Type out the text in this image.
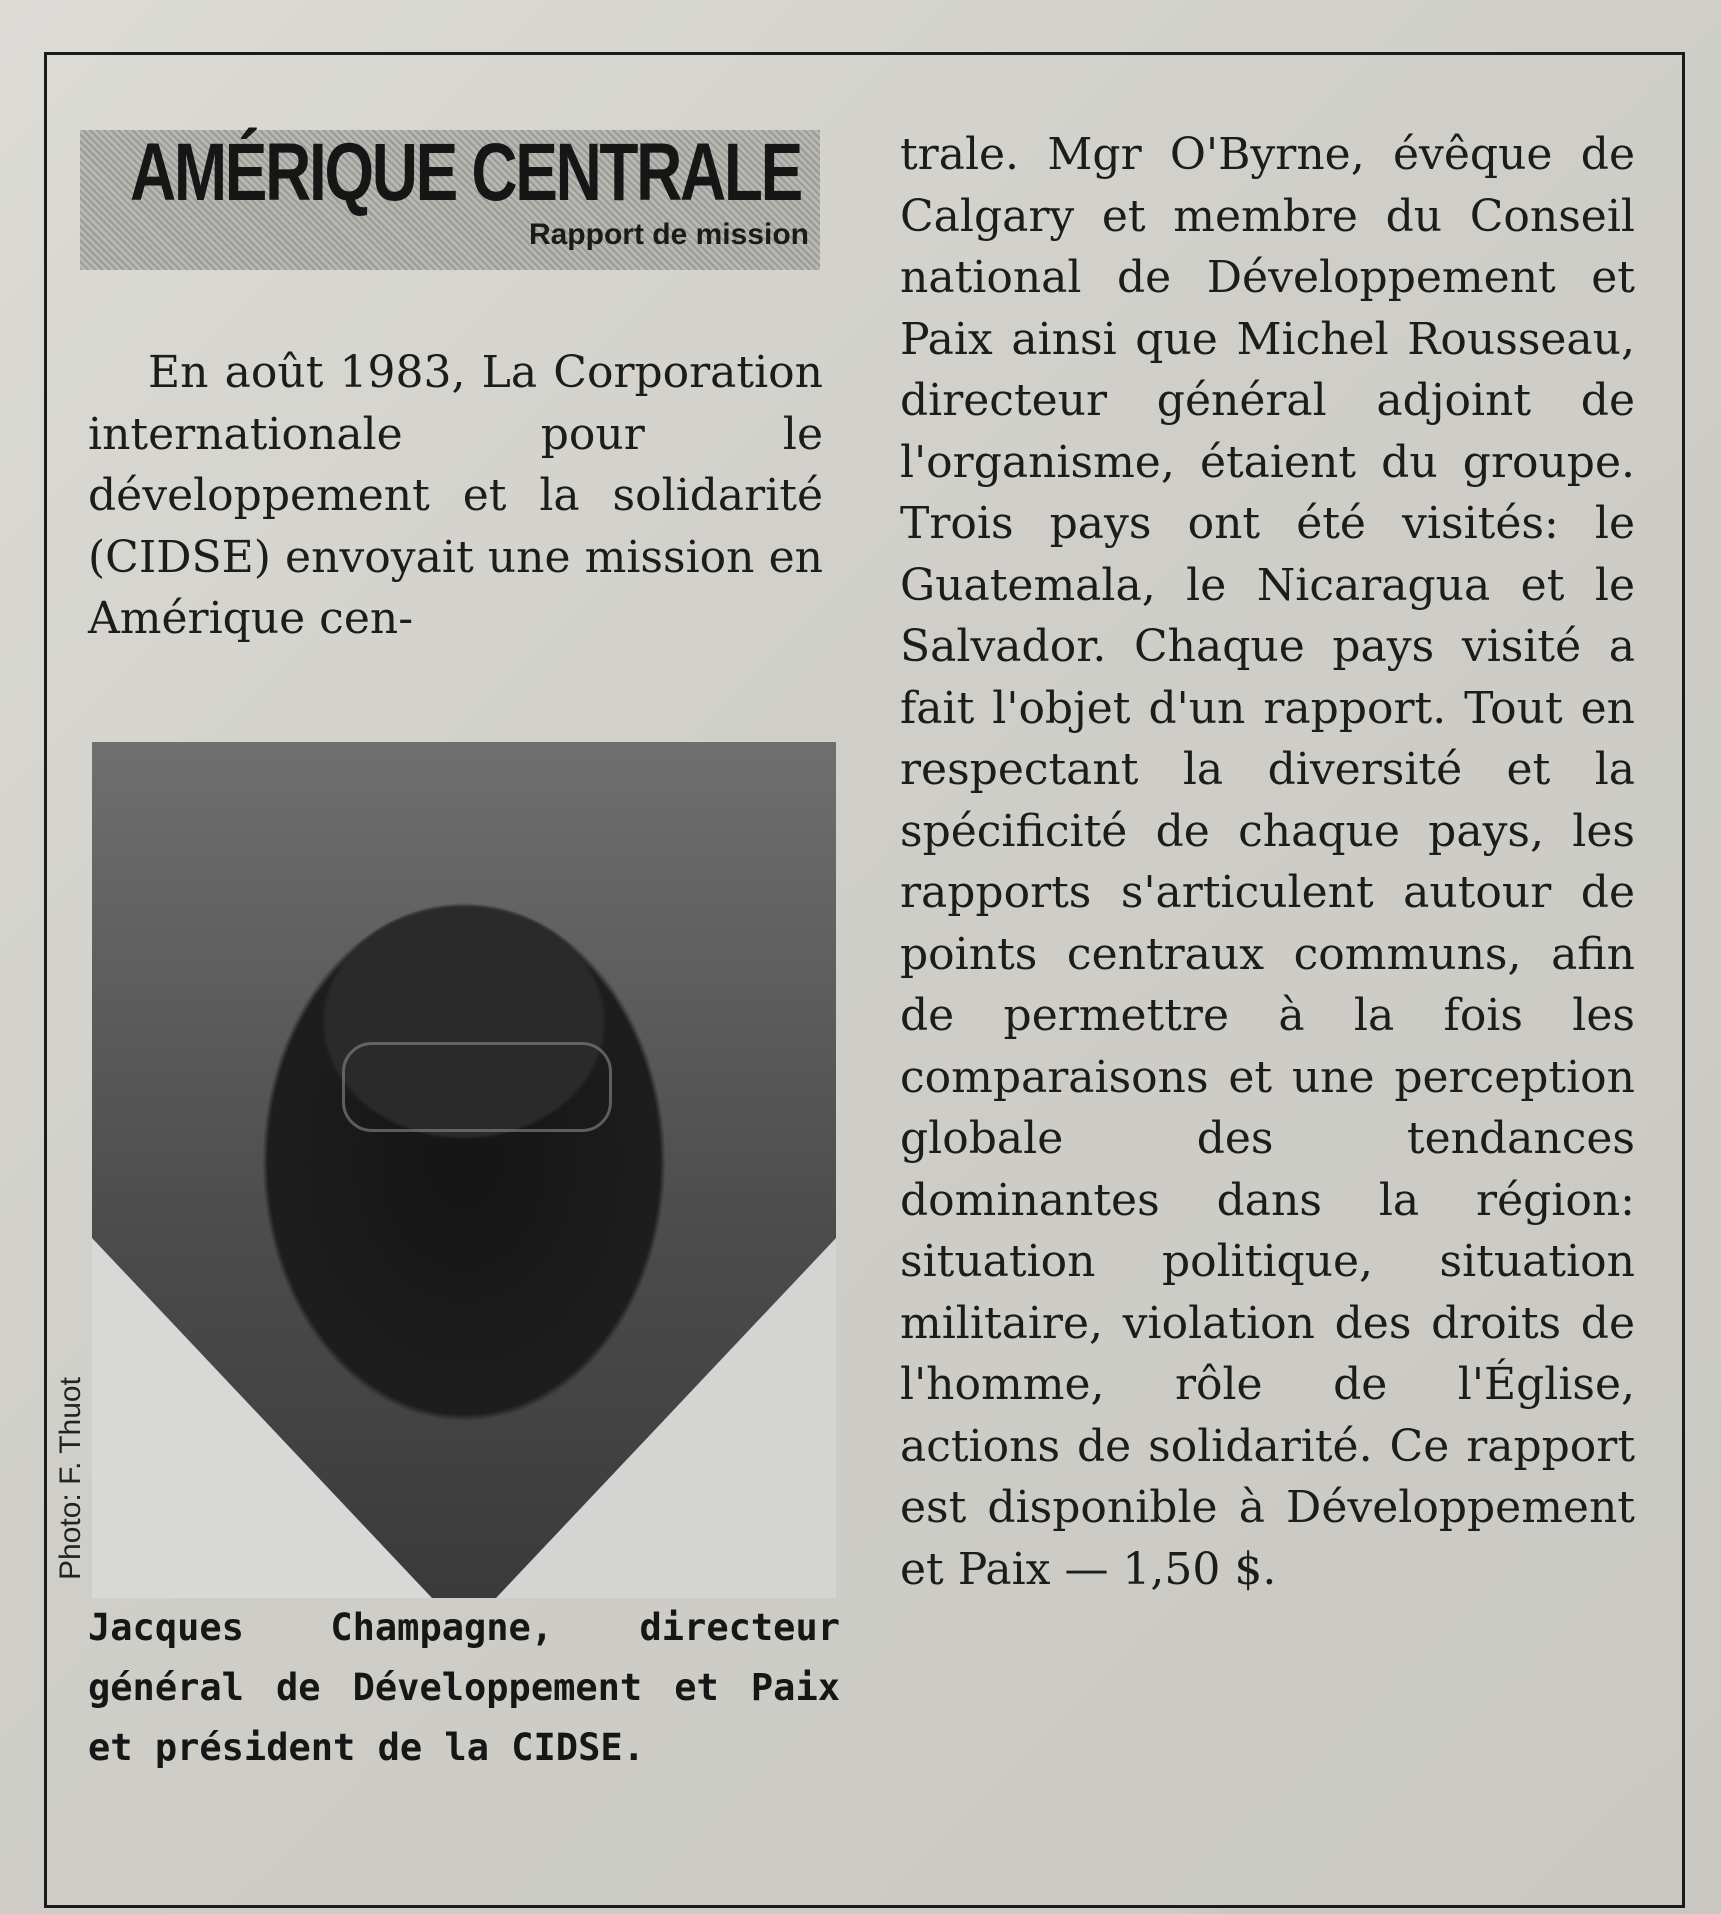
AMÉRIQUE CENTRALE
Rapport de mission

En août 1983, La Corporation internationale pour le développement et la solidarité (CIDSE) envoyait une mission en Amérique cen-

Photo: F. Thuot

Jacques Champagne, directeur général de Développement et Paix et président de la CIDSE.

trale. Mgr O'Byrne, évêque de Calgary et membre du Conseil national de Développement et Paix ainsi que Michel Rousseau, directeur général adjoint de l'organisme, étaient du groupe. Trois pays ont été visités: le Guatemala, le Nicaragua et le Salvador. Chaque pays visité a fait l'objet d'un rapport. Tout en respectant la diversité et la spécificité de chaque pays, les rapports s'articulent autour de points centraux communs, afin de permettre à la fois les comparaisons et une perception globale des tendances dominantes dans la région: situation politique, situation militaire, violation des droits de l'homme, rôle de l'Église, actions de solidarité. Ce rapport est disponible à Développement et Paix — 1,50 $.
